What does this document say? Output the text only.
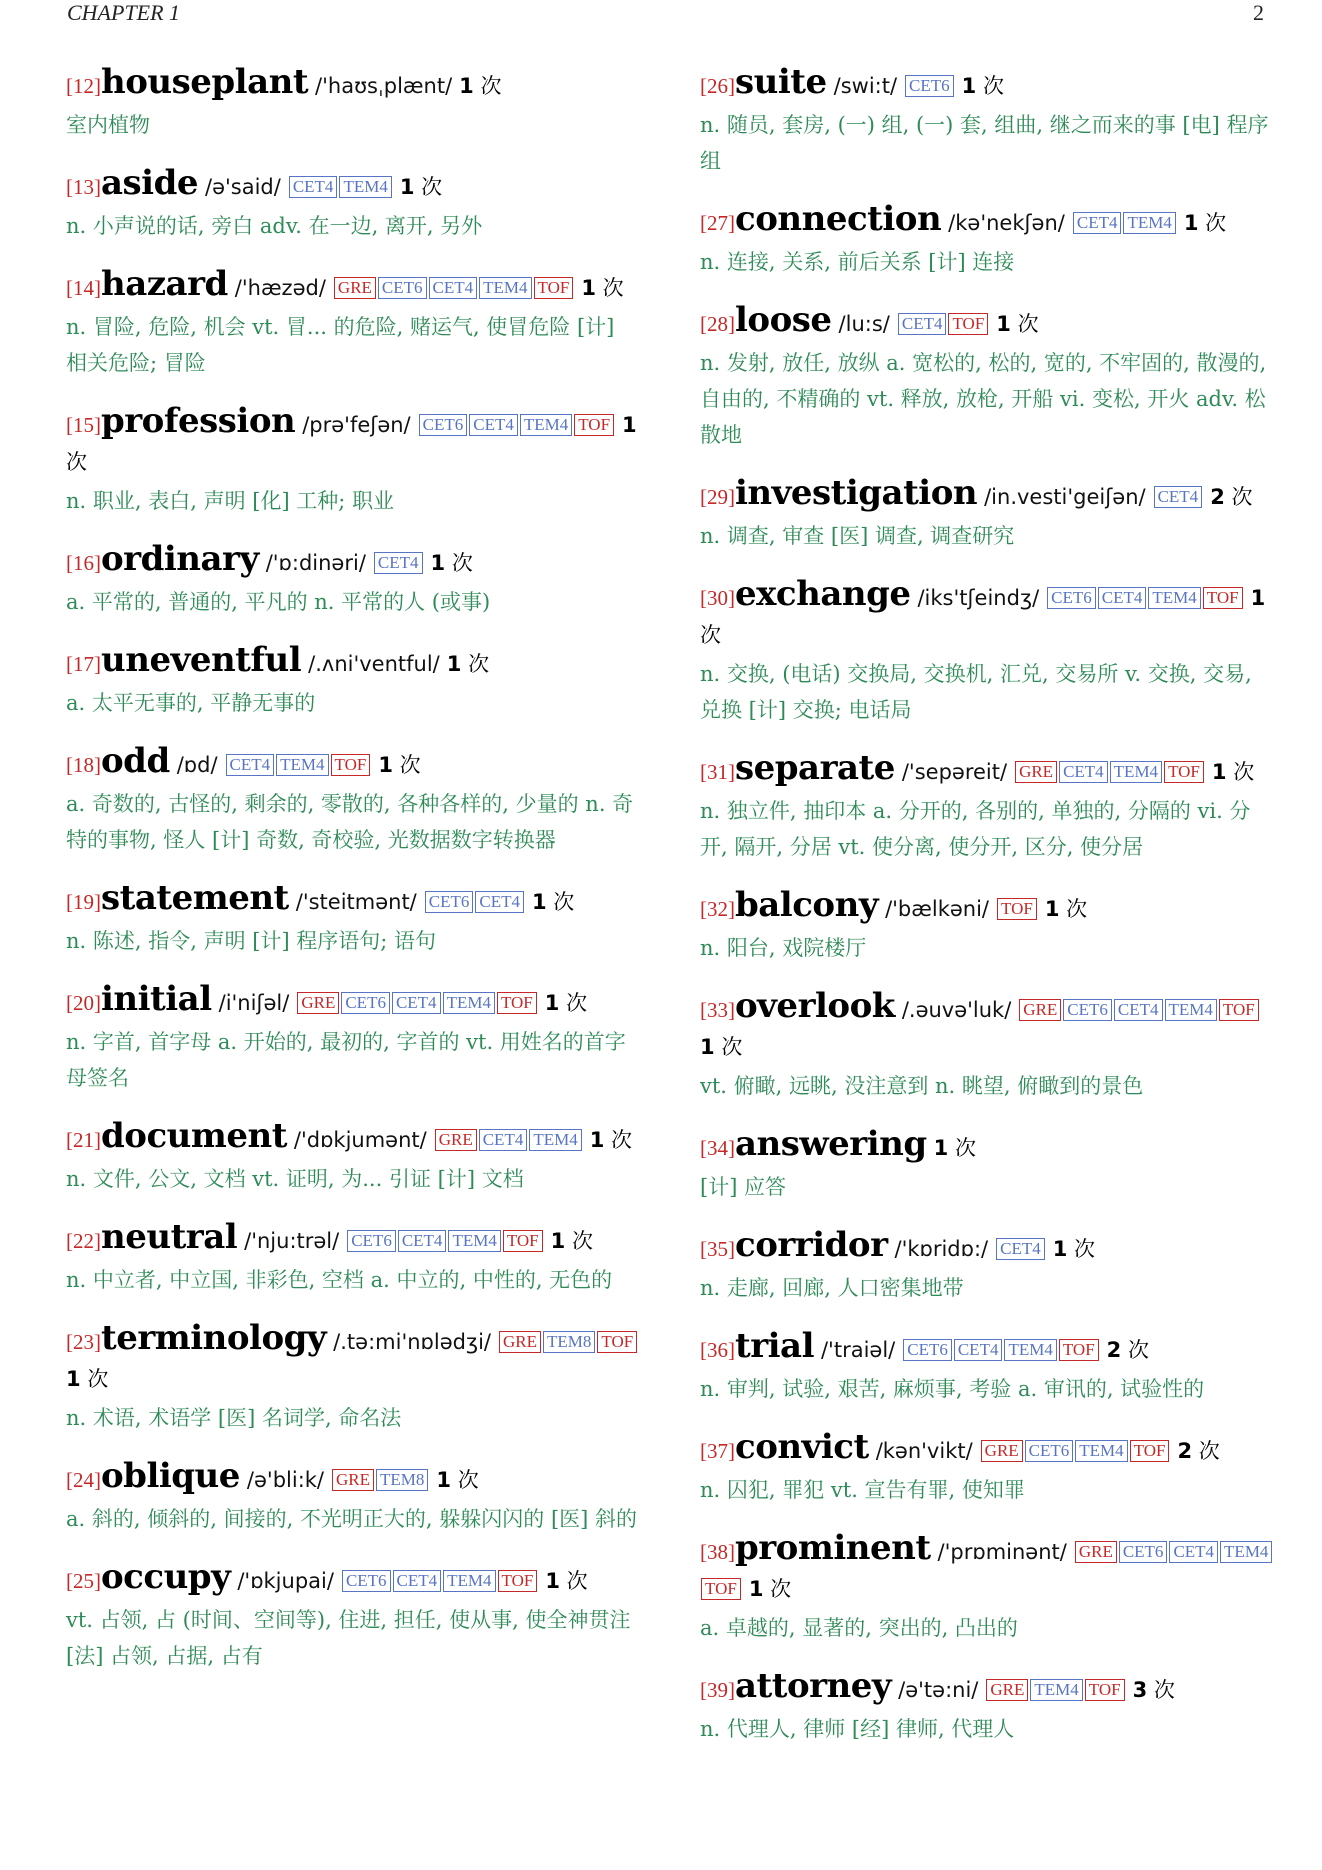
CHAPTER 1	2
[12]houseplant /'haʊsˌplænt/ 1 次
室内植物
[13]aside /ə'said/ CET4 TEM4 1 次
n. 小声说的话, 旁白 adv. 在一边, 离开, 另外
[14]hazard /'hæzəd/ GRE CET6 CET4 TEM4 TOF 1 次
n. 冒险, 危险, 机会 vt. 冒... 的危险, 赌运气, 使冒危险 [计] 相关危险; 冒险
[15]profession /prə'feʃən/ CET6 CET4 TEM4 TOF 1 次
n. 职业, 表白, 声明 [化] 工种; 职业
[16]ordinary /'ɒ:dinəri/ CET4 1 次
a. 平常的, 普通的, 平凡的 n. 平常的人 (或事)
[17]uneventful /.ʌni'ventful/ 1 次
a. 太平无事的, 平静无事的
[18]odd /ɒd/ CET4 TEM4 TOF 1 次
a. 奇数的, 古怪的, 剩余的, 零散的, 各种各样的, 少量的 n. 奇特的事物, 怪人 [计] 奇数, 奇校验, 光数据数字转换器
[19]statement /'steitmənt/ CET6 CET4 1 次
n. 陈述, 指令, 声明 [计] 程序语句; 语句
[20]initial /i'niʃəl/ GRE CET6 CET4 TEM4 TOF 1 次
n. 字首, 首字母 a. 开始的, 最初的, 字首的 vt. 用姓名的首字母签名
[21]document /'dɒkjumənt/ GRE CET4 TEM4 1 次
n. 文件, 公文, 文档 vt. 证明, 为... 引证 [计] 文档
[22]neutral /'nju:trəl/ CET6 CET4 TEM4 TOF 1 次
n. 中立者, 中立国, 非彩色, 空档 a. 中立的, 中性的, 无色的
[23]terminology /.tə:mi'nɒlədʒi/ GRE TEM8 TOF 1 次
n. 术语, 术语学 [医] 名词学, 命名法
[24]oblique /ə'bli:k/ GRE TEM8 1 次
a. 斜的, 倾斜的, 间接的, 不光明正大的, 躲躲闪闪的 [医] 斜的
[25]occupy /'ɒkjupai/ CET6 CET4 TEM4 TOF 1 次
vt. 占领, 占 (时间、空间等), 住进, 担任, 使从事, 使全神贯注 [法] 占领, 占据, 占有
[26]suite /swi:t/ CET6 1 次
n. 随员, 套房, (一) 组, (一) 套, 组曲, 继之而来的事 [电] 程序组
[27]connection /kə'nekʃən/ CET4 TEM4 1 次
n. 连接, 关系, 前后关系 [计] 连接
[28]loose /lu:s/ CET4 TOF 1 次
n. 发射, 放任, 放纵 a. 宽松的, 松的, 宽的, 不牢固的, 散漫的, 自由的, 不精确的 vt. 释放, 放枪, 开船 vi. 变松, 开火 adv. 松散地
[29]investigation /in.vesti'geiʃən/ CET4 2 次
n. 调查, 审查 [医] 调查, 调查研究
[30]exchange /iks'tʃeindʒ/ CET6 CET4 TEM4 TOF 1 次
n. 交换, (电话) 交换局, 交换机, 汇兑, 交易所 v. 交换, 交易, 兑换 [计] 交换; 电话局
[31]separate /'sepəreit/ GRE CET4 TEM4 TOF 1 次
n. 独立件, 抽印本 a. 分开的, 各别的, 单独的, 分隔的 vi. 分开, 隔开, 分居 vt. 使分离, 使分开, 区分, 使分居
[32]balcony /'bælkəni/ TOF 1 次
n. 阳台, 戏院楼厅
[33]overlook /.əuvə'luk/ GRE CET6 CET4 TEM4 TOF 1 次
vt. 俯瞰, 远眺, 没注意到 n. 眺望, 俯瞰到的景色
[34]answering 1 次
[计] 应答
[35]corridor /'kɒridɒ:/ CET4 1 次
n. 走廊, 回廊, 人口密集地带
[36]trial /'traiəl/ CET6 CET4 TEM4 TOF 2 次
n. 审判, 试验, 艰苦, 麻烦事, 考验 a. 审讯的, 试验性的
[37]convict /kən'vikt/ GRE CET6 TEM4 TOF 2 次
n. 囚犯, 罪犯 vt. 宣告有罪, 使知罪
[38]prominent /'prɒminənt/ GRE CET6 CET4 TEM4TOF 1 次
a. 卓越的, 显著的, 突出的, 凸出的
[39]attorney /ə'tə:ni/ GRE TEM4 TOF 3 次
n. 代理人, 律师 [经] 律师, 代理人
